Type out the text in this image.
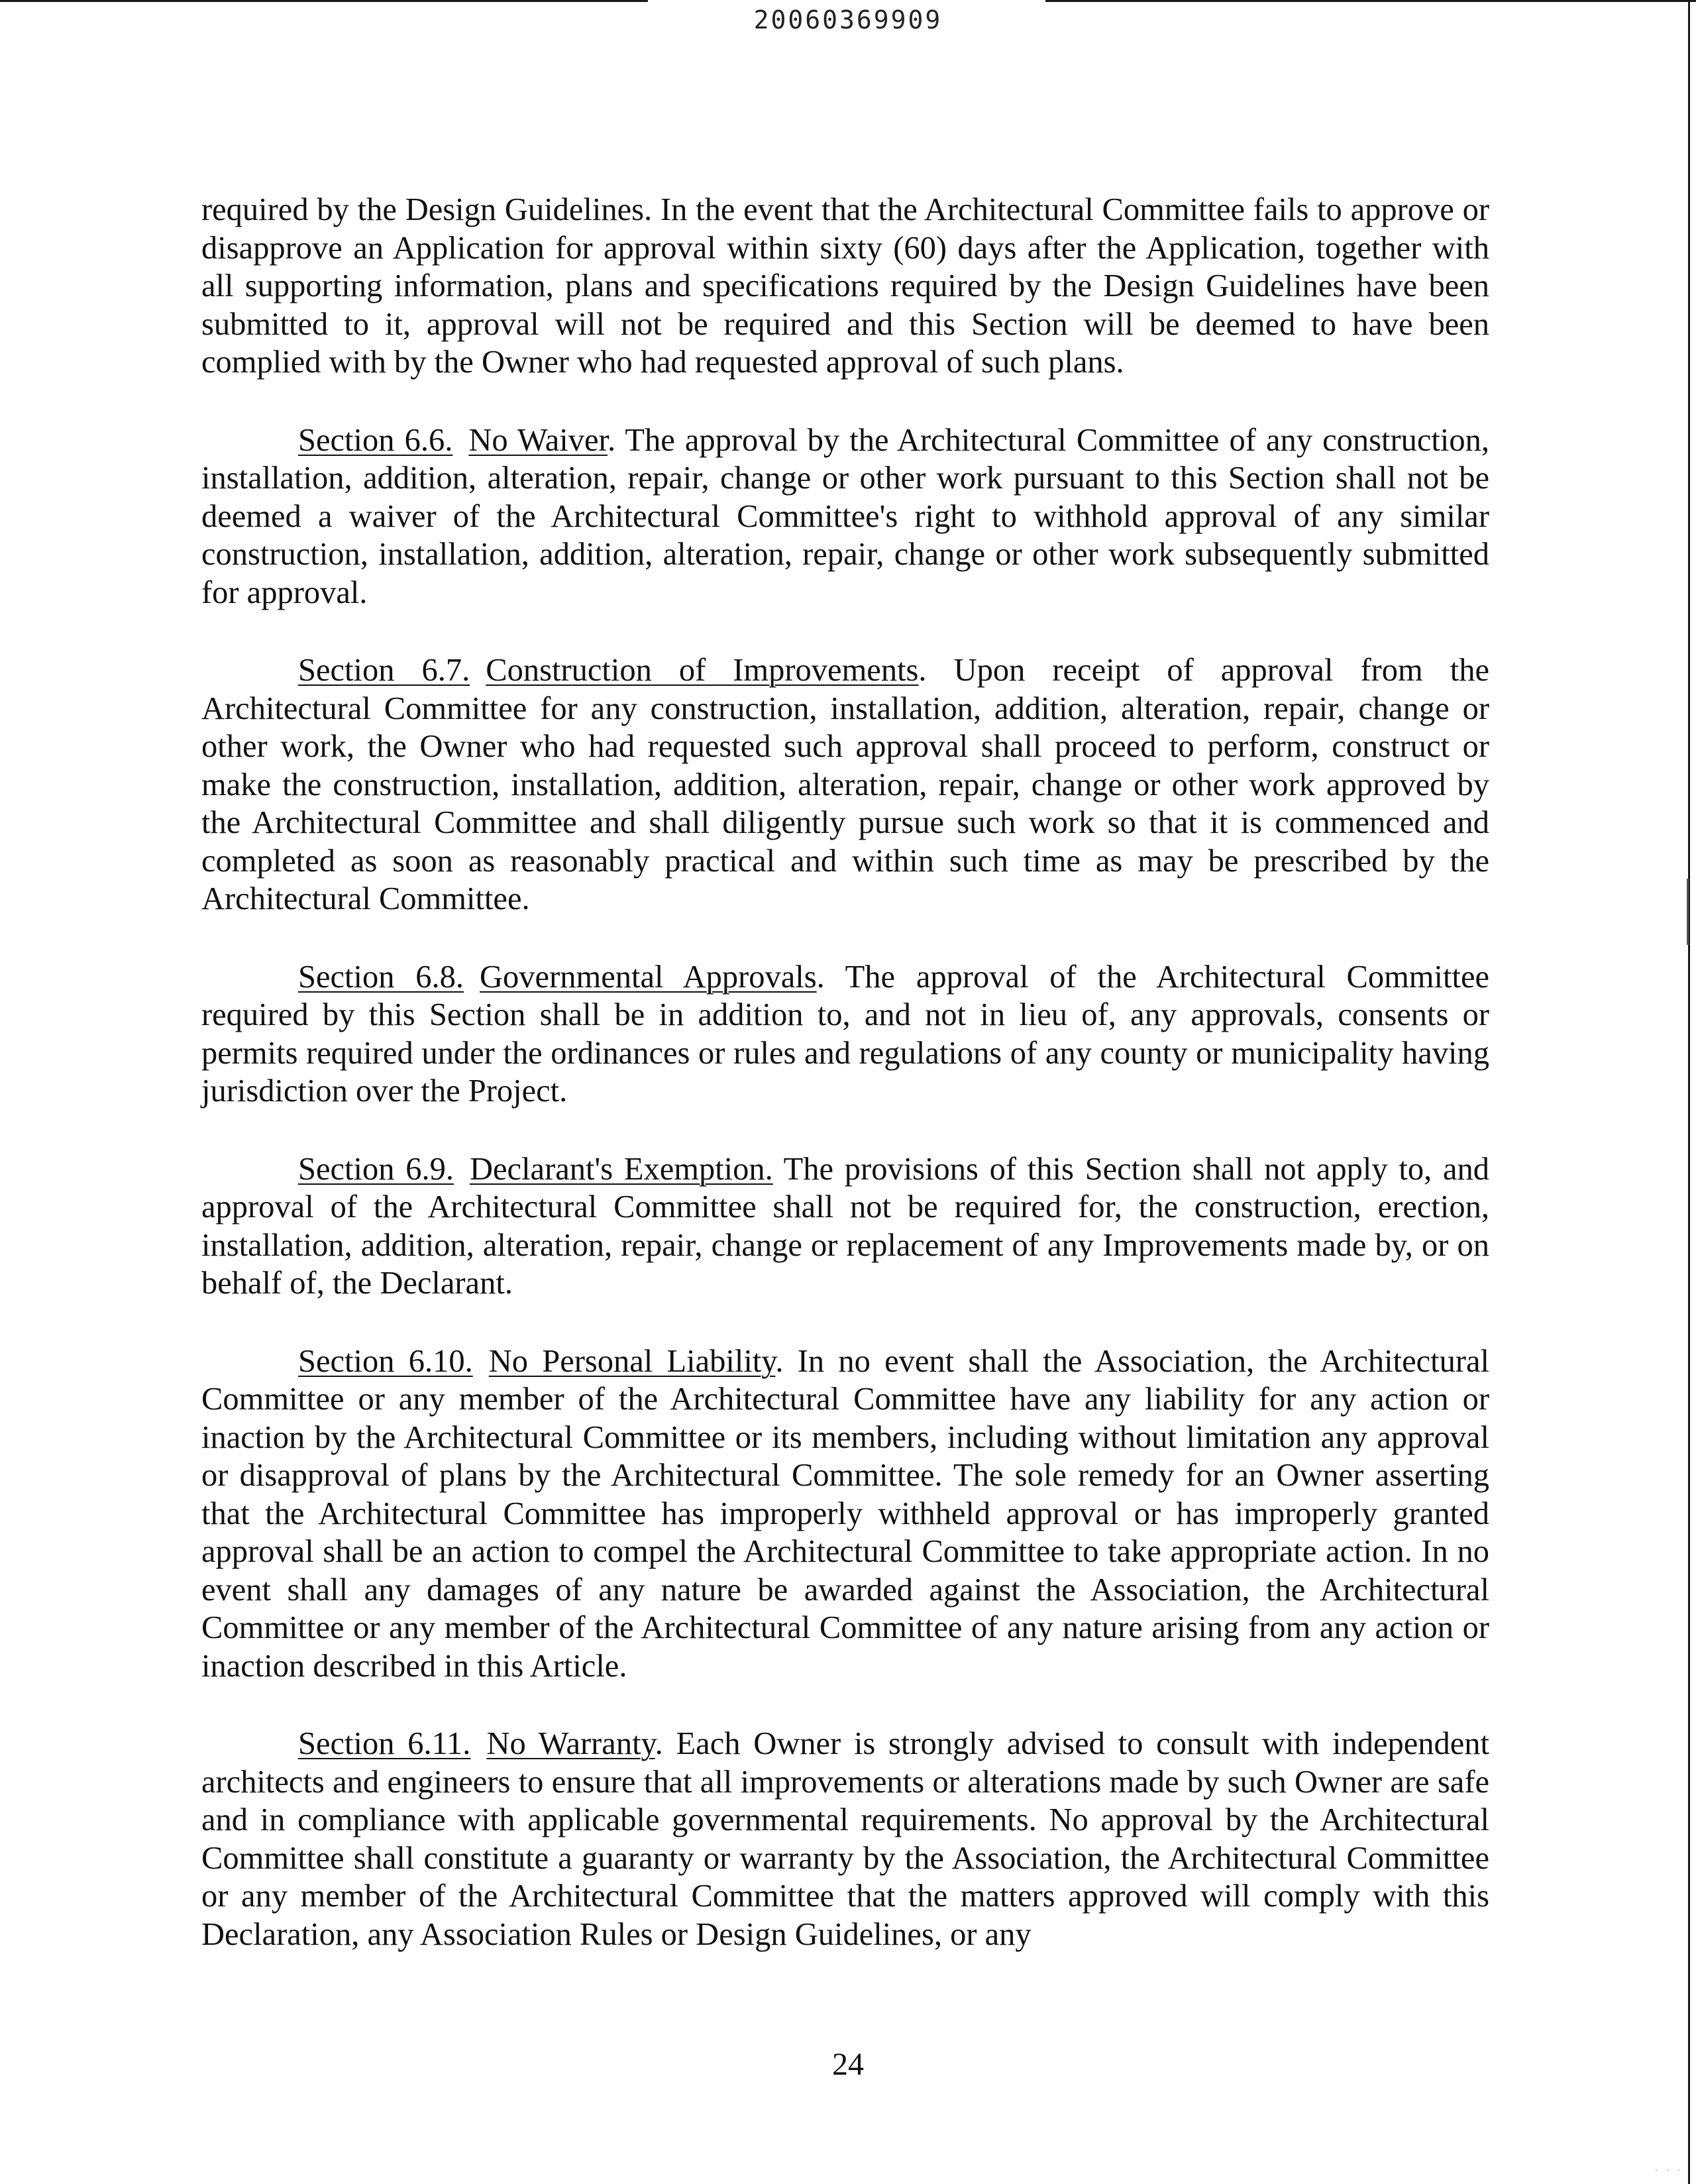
20060369909

required by the Design Guidelines. In the event that the Architectural Committee fails to approve or disapprove an Application for approval within sixty (60) days after the Application, together with all supporting information, plans and specifications required by the Design Guidelines have been submitted to it, approval will not be required and this Section will be deemed to have been complied with by the Owner who had requested approval of such plans.

Section 6.6. No Waiver. The approval by the Architectural Committee of any construction, installation, addition, alteration, repair, change or other work pursuant to this Section shall not be deemed a waiver of the Architectural Committee's right to withhold approval of any similar construction, installation, addition, alteration, repair, change or other work subsequently submitted for approval.

Section 6.7. Construction of Improvements. Upon receipt of approval from the Architectural Committee for any construction, installation, addition, alteration, repair, change or other work, the Owner who had requested such approval shall proceed to perform, construct or make the construction, installation, addition, alteration, repair, change or other work approved by the Architectural Committee and shall diligently pursue such work so that it is commenced and completed as soon as reasonably practical and within such time as may be prescribed by the Architectural Committee.

Section 6.8. Governmental Approvals. The approval of the Architectural Committee required by this Section shall be in addition to, and not in lieu of, any approvals, consents or permits required under the ordinances or rules and regulations of any county or municipality having jurisdiction over the Project.

Section 6.9. Declarant's Exemption. The provisions of this Section shall not apply to, and approval of the Architectural Committee shall not be required for, the construction, erection, installation, addition, alteration, repair, change or replacement of any Improvements made by, or on behalf of, the Declarant.

Section 6.10. No Personal Liability. In no event shall the Association, the Architectural Committee or any member of the Architectural Committee have any liability for any action or inaction by the Architectural Committee or its members, including without limitation any approval or disapproval of plans by the Architectural Committee. The sole remedy for an Owner asserting that the Architectural Committee has improperly withheld approval or has improperly granted approval shall be an action to compel the Architectural Committee to take appropriate action. In no event shall any damages of any nature be awarded against the Association, the Architectural Committee or any member of the Architectural Committee of any nature arising from any action or inaction described in this Article.

Section 6.11. No Warranty. Each Owner is strongly advised to consult with independent architects and engineers to ensure that all improvements or alterations made by such Owner are safe and in compliance with applicable governmental requirements. No approval by the Architectural Committee shall constitute a guaranty or warranty by the Association, the Architectural Committee or any member of the Architectural Committee that the matters approved will comply with this Declaration, any Association Rules or Design Guidelines, or any

24
· · ·
